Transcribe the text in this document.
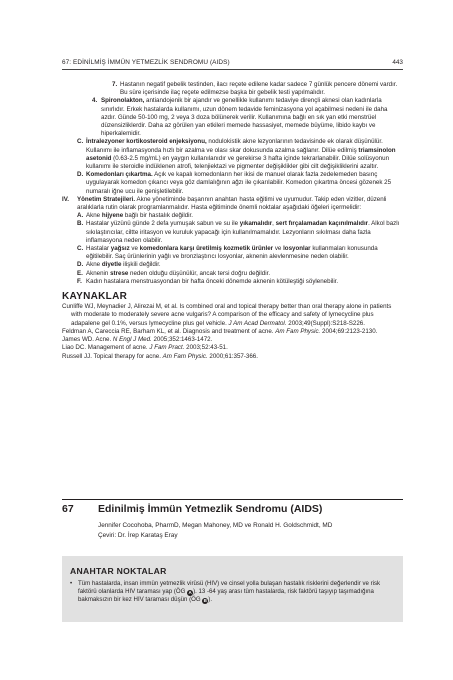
67: EDİNİLMİŞ İMMÜN YETMEZLİK SENDROMU (AIDS)	443

7. Hastanın negatif gebelik testinden, ilacı reçete edilene kadar sadece 7 günlük pencere dönemi vardır. Bu süre içerisinde ilaç reçete edilmezse başka bir gebelik testi yapılmalıdır.

4. Spironolakton, antiandojenik bir ajandır ve genellikle kullanımı tedaviye dirençli aknesi olan kadınlarla sınırlıdır. Erkek hastalarda kullanımı, uzun dönem tedavide feminizasyona yol açabilmesi nedeni ile daha azdır. Günde 50-100 mg, 2 veya 3 doza bölünerek verilir. Kullanımına bağlı en sık yan etki menstrüel düzensizliklerdir. Daha az görülen yan etkileri memede hassasiyet, memede büyüme, libido kaybı ve hiperkalemidir.

C. İntralezyoner kortikosteroid enjeksiyonu, nodulokistik akne lezyonlarının tedavisinde ek olarak düşünülür. Kullanımı ile inflamasyonda hızlı bir azalma ve olası skar dokusunda azalma sağlanır. Dilüe edilmiş triamsinolon asetonid (0.63-2.5 mg/mL) en yaygın kullanılanıdır ve gerekirse 3 hafta içinde tekrarlanabilir. Dilüe solüsyonun kullanımı ile steroidle indüklenen atrofi, telenjiektazi ve pigmenter değişiklikler gibi cilt değişikliklerini azaltır.

D. Komedonları çıkartma. Açık ve kapalı komedonların her ikisi de manuel olarak fazla zedelemeden basınç uygulayarak komedon çıkarıcı veya göz damlalığının ağzı ile çıkarılabilir. Komedon çıkartma öncesi gözenek 25 numaralı iğne ucu ile genişletilebilir.

IV. Yönetim Stratejileri. Akne yönetiminde başarının anahtarı hasta eğitimi ve uyumudur. Takip eden vizitler, düzenli aralıklarla rutin olarak programlanmalıdır. Hasta eğitiminde önemli noktalar aşağıdaki öğeleri içermelidir:

A. Akne hijyene bağlı bir hastalık değildir.

B. Hastalar yüzünü günde 2 defa yumuşak sabun ve su ile yıkamalıdır, sert fırçalamadan kaçınılmalıdır. Alkol bazlı sıkılaştırıcılar, ciltte iritasyon ve kuruluk yapacağı için kullanılmamalıdır. Lezyonların sıkılması daha fazla inflamasyona neden olabilir.

C. Hastalar yağsız ve komedonlara karşı üretilmiş kozmetik ürünler ve losyonlar kullanmaları konusunda eğitilebilir. Saç ürünlerinin yağlı ve bronzlaştırıcı losyonlar, aknenin alevlenmesine neden olabilir.

D. Akne diyetle ilişkili değildir.

E. Aknenin strese neden olduğu düşünülür, ancak tersi doğru değildir.

F. Kadın hastalara menstruasyondan bir hafta önceki dönemde aknenin kötüleştiği söylenebilir.

KAYNAKLAR

Cunliffe WJ, Meynadier J, Alirezai M, et al. Is combined oral and topical therapy better than oral therapy alone in patients with moderate to moderately severe acne vulgaris? A comparison of the efficacy and safety of lymecycline plus adapalene gel 0.1%, versus lymecycline plus gel vehicle. J Am Acad Dermatol. 2003;49(Suppl):S218-S226.

Feldman A, Careccia RE, Barham KL, et al. Diagnosis and treatment of acne. Am Fam Physic. 2004;69:2123-2130.

James WD. Acne. N Engl J Med. 2005;352:1463-1472.

Liao DC. Management of acne. J Fam Pract. 2003;52:43-51.

Russell JJ. Topical therapy for acne. Am Fam Physic. 2000;61:357-366.

67 Edinilmiş İmmün Yetmezlik Sendromu (AIDS)
Jennifer Cocohoba, PharmD, Megan Mahoney, MD ve Ronald H. Goldschmidt, MD
Çeviri: Dr. İrep Karataş Eray
ANAHTAR NOKTALAR
• Tüm hastalarda, insan immün yetmezlik virüsü (HIV) ve cinsel yolla bulaşan hastalık risklerini değerlendir ve risk faktörü olanlarda HIV taraması yap (ÖG A). 13 -64 yaş arası tüm hastalarda, risk faktörü taşıyıp taşımadığına bakmaksızın bir kez HIV taraması düşün (ÖG B).
